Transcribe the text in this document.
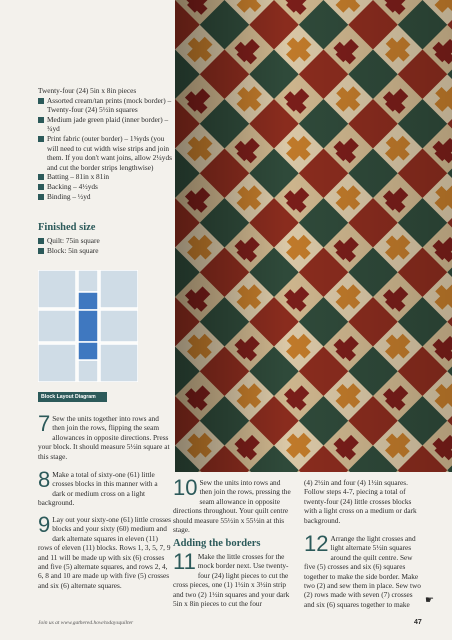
Twenty-four (24) 5in x 8in pieces
Assorted cream/tan prints (mock border) – Twenty-four (24) 5½in squares
Medium jade green plaid (inner border) – ¾yd
Print fabric (outer border) – 1⅝yds (you will need to cut width wise strips and join them. If you don't want joins, allow 2¼yds and cut the border strips lengthwise)
Batting – 81in x 81in
Backing – 4½yds
Binding – ½yd
Finished size
Quilt: 75in square
Block: 5in square
Block Layout Diagram
7 Sew the units together into rows and then join the rows, flipping the seam allowances in opposite directions. Press your block. It should measure 5½in square at this stage.
8 Make a total of sixty-one (61) little crosses blocks in this manner with a dark or medium cross on a light background.
9 Lay out your sixty-one (61) little crosses blocks and your sixty (60) medium and dark alternate squares in eleven (11) rows of eleven (11) blocks. Rows 1, 3, 5, 7, 9 and 11 will be made up with six (6) crosses and five (5) alternate squares, and rows 2, 4, 6, 8 and 10 are made up with five (5) crosses and six (6) alternate squares.
10 Sew the units into rows and then join the rows, pressing the seam allowance in opposite directions throughout. Your quilt centre should measure 55½in x 55½in at this stage.
Adding the borders
11 Make the little crosses for the mock border next. Use twenty-four (24) light pieces to cut the cross pieces, one (1) 1½in x 3½in strip and two (2) 1½in squares and your dark 5in x 8in pieces to cut the four
(4) 2½in and four (4) 1½in squares. Follow steps 4-7, piecing a total of twenty-four (24) little crosses blocks with a light cross on a medium or dark background.
12 Arrange the light crosses and light alternate 5½in squares around the quilt centre. Sew five (5) crosses and six (6) squares together to make the side border. Make two (2) and sew them in place. Sew two (2) rows made with seven (7) crosses and six (6) squares together to make	☛
Join us at www.gathered.how/todaysquilter	47
